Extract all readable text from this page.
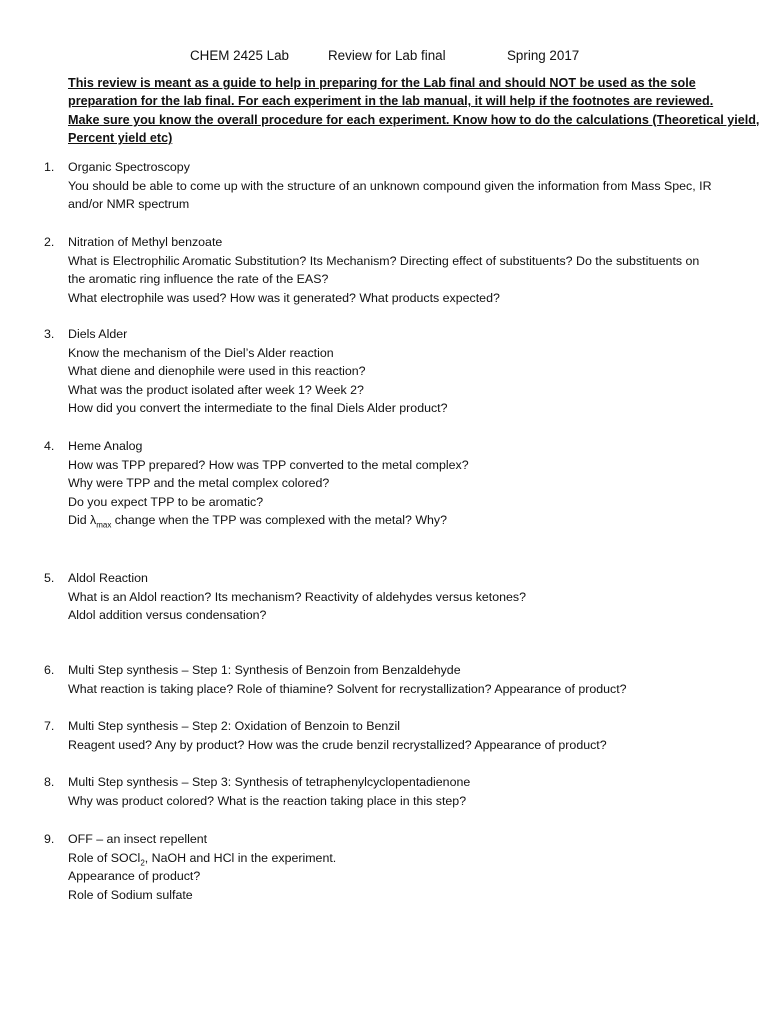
CHEM 2425 Lab	Review for Lab final	Spring 2017
This review is meant as a guide to help in preparing for the Lab final and should NOT be used as the sole
preparation for the lab final. For each experiment in the lab manual, it will help if the footnotes are reviewed.
Make sure you know the overall procedure for each experiment. Know how to do the calculations (Theoretical yield,
Percent yield etc)
1.	Organic Spectroscopy
You should be able to come up with the structure of an unknown compound given the information from Mass Spec, IR
and/or NMR spectrum
2.	Nitration of Methyl benzoate
What is Electrophilic Aromatic Substitution? Its Mechanism? Directing effect of substituents? Do the substituents on
the aromatic ring influence the rate of the EAS?
What electrophile was used? How was it generated? What products expected?
3.	Diels Alder
Know the mechanism of the Diel’s Alder reaction
What diene and dienophile were used in this reaction?
What was the product isolated after week 1? Week 2?
How did you convert the intermediate to the final Diels Alder product?
4.	Heme Analog
How was TPP prepared? How was TPP converted to the metal complex?
Why were TPP and the metal complex colored?
Do you expect TPP to be aromatic?
Did $\lambda_{max}$ change when the TPP was complexed with the metal? Why?
5.	Aldol Reaction
What is an Aldol reaction? Its mechanism? Reactivity of aldehydes versus ketones?
Aldol addition versus condensation?
6.	Multi Step synthesis – Step 1: Synthesis of Benzoin from Benzaldehyde
What reaction is taking place? Role of thiamine? Solvent for recrystallization? Appearance of product?
7.	Multi Step synthesis – Step 2: Oxidation of Benzoin to Benzil
Reagent used? Any by product? How was the crude benzil recrystallized? Appearance of product?
8.	Multi Step synthesis – Step 3: Synthesis of tetraphenylcyclopentadienone
Why was product colored? What is the reaction taking place in this step?
9.	OFF – an insect repellent
Role of SOCl$_2$, NaOH and HCl in the experiment.
Appearance of product?
Role of Sodium sulfate
